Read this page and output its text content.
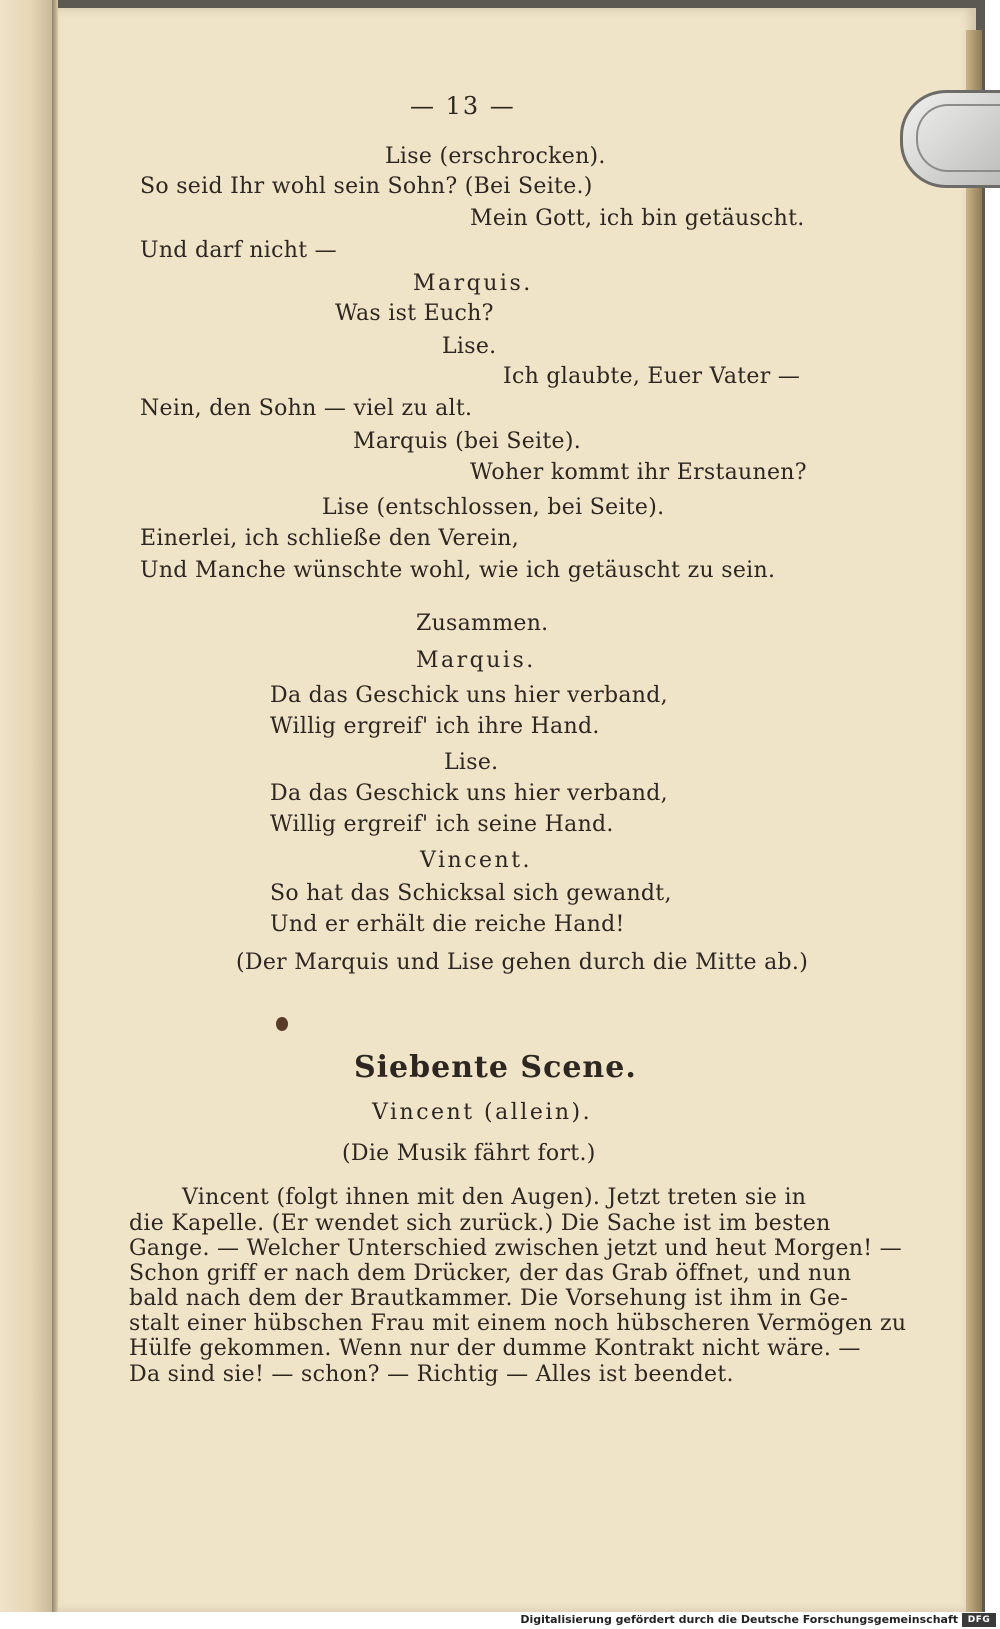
— 13 —
Lise (erschrocken).
So seid Ihr wohl sein Sohn? (Bei Seite.)
Mein Gott, ich bin getäuscht.
Und darf nicht —
Marquis.
Was ist Euch?
Lise.
Ich glaubte, Euer Vater —
Nein, den Sohn — viel zu alt.
Marquis (bei Seite).
Woher kommt ihr Erstaunen?
Lise (entschlossen, bei Seite).
Einerlei, ich schließe den Verein,
Und Manche wünschte wohl, wie ich getäuscht zu sein.
Zusammen.
Marquis.
Da das Geschick uns hier verband,
Willig ergreif' ich ihre Hand.
Lise.
Da das Geschick uns hier verband,
Willig ergreif' ich seine Hand.
Vincent.
So hat das Schicksal sich gewandt,
Und er erhält die reiche Hand!
(Der Marquis und Lise gehen durch die Mitte ab.)
Siebente Scene.
Vincent (allein).
(Die Musik fährt fort.)
Vincent (folgt ihnen mit den Augen). Jetzt treten sie in
die Kapelle. (Er wendet sich zurück.) Die Sache ist im besten
Gange. — Welcher Unterschied zwischen jetzt und heut Morgen! —
Schon griff er nach dem Drücker, der das Grab öffnet, und nun
bald nach dem der Brautkammer. Die Vorsehung ist ihm in Ge-
stalt einer hübschen Frau mit einem noch hübscheren Vermögen zu
Hülfe gekommen. Wenn nur der dumme Kontrakt nicht wäre. —
Da sind sie! — schon? — Richtig — Alles ist beendet.
Digitalisierung gefördert durch die Deutsche Forschungsgemeinschaft	DFG
